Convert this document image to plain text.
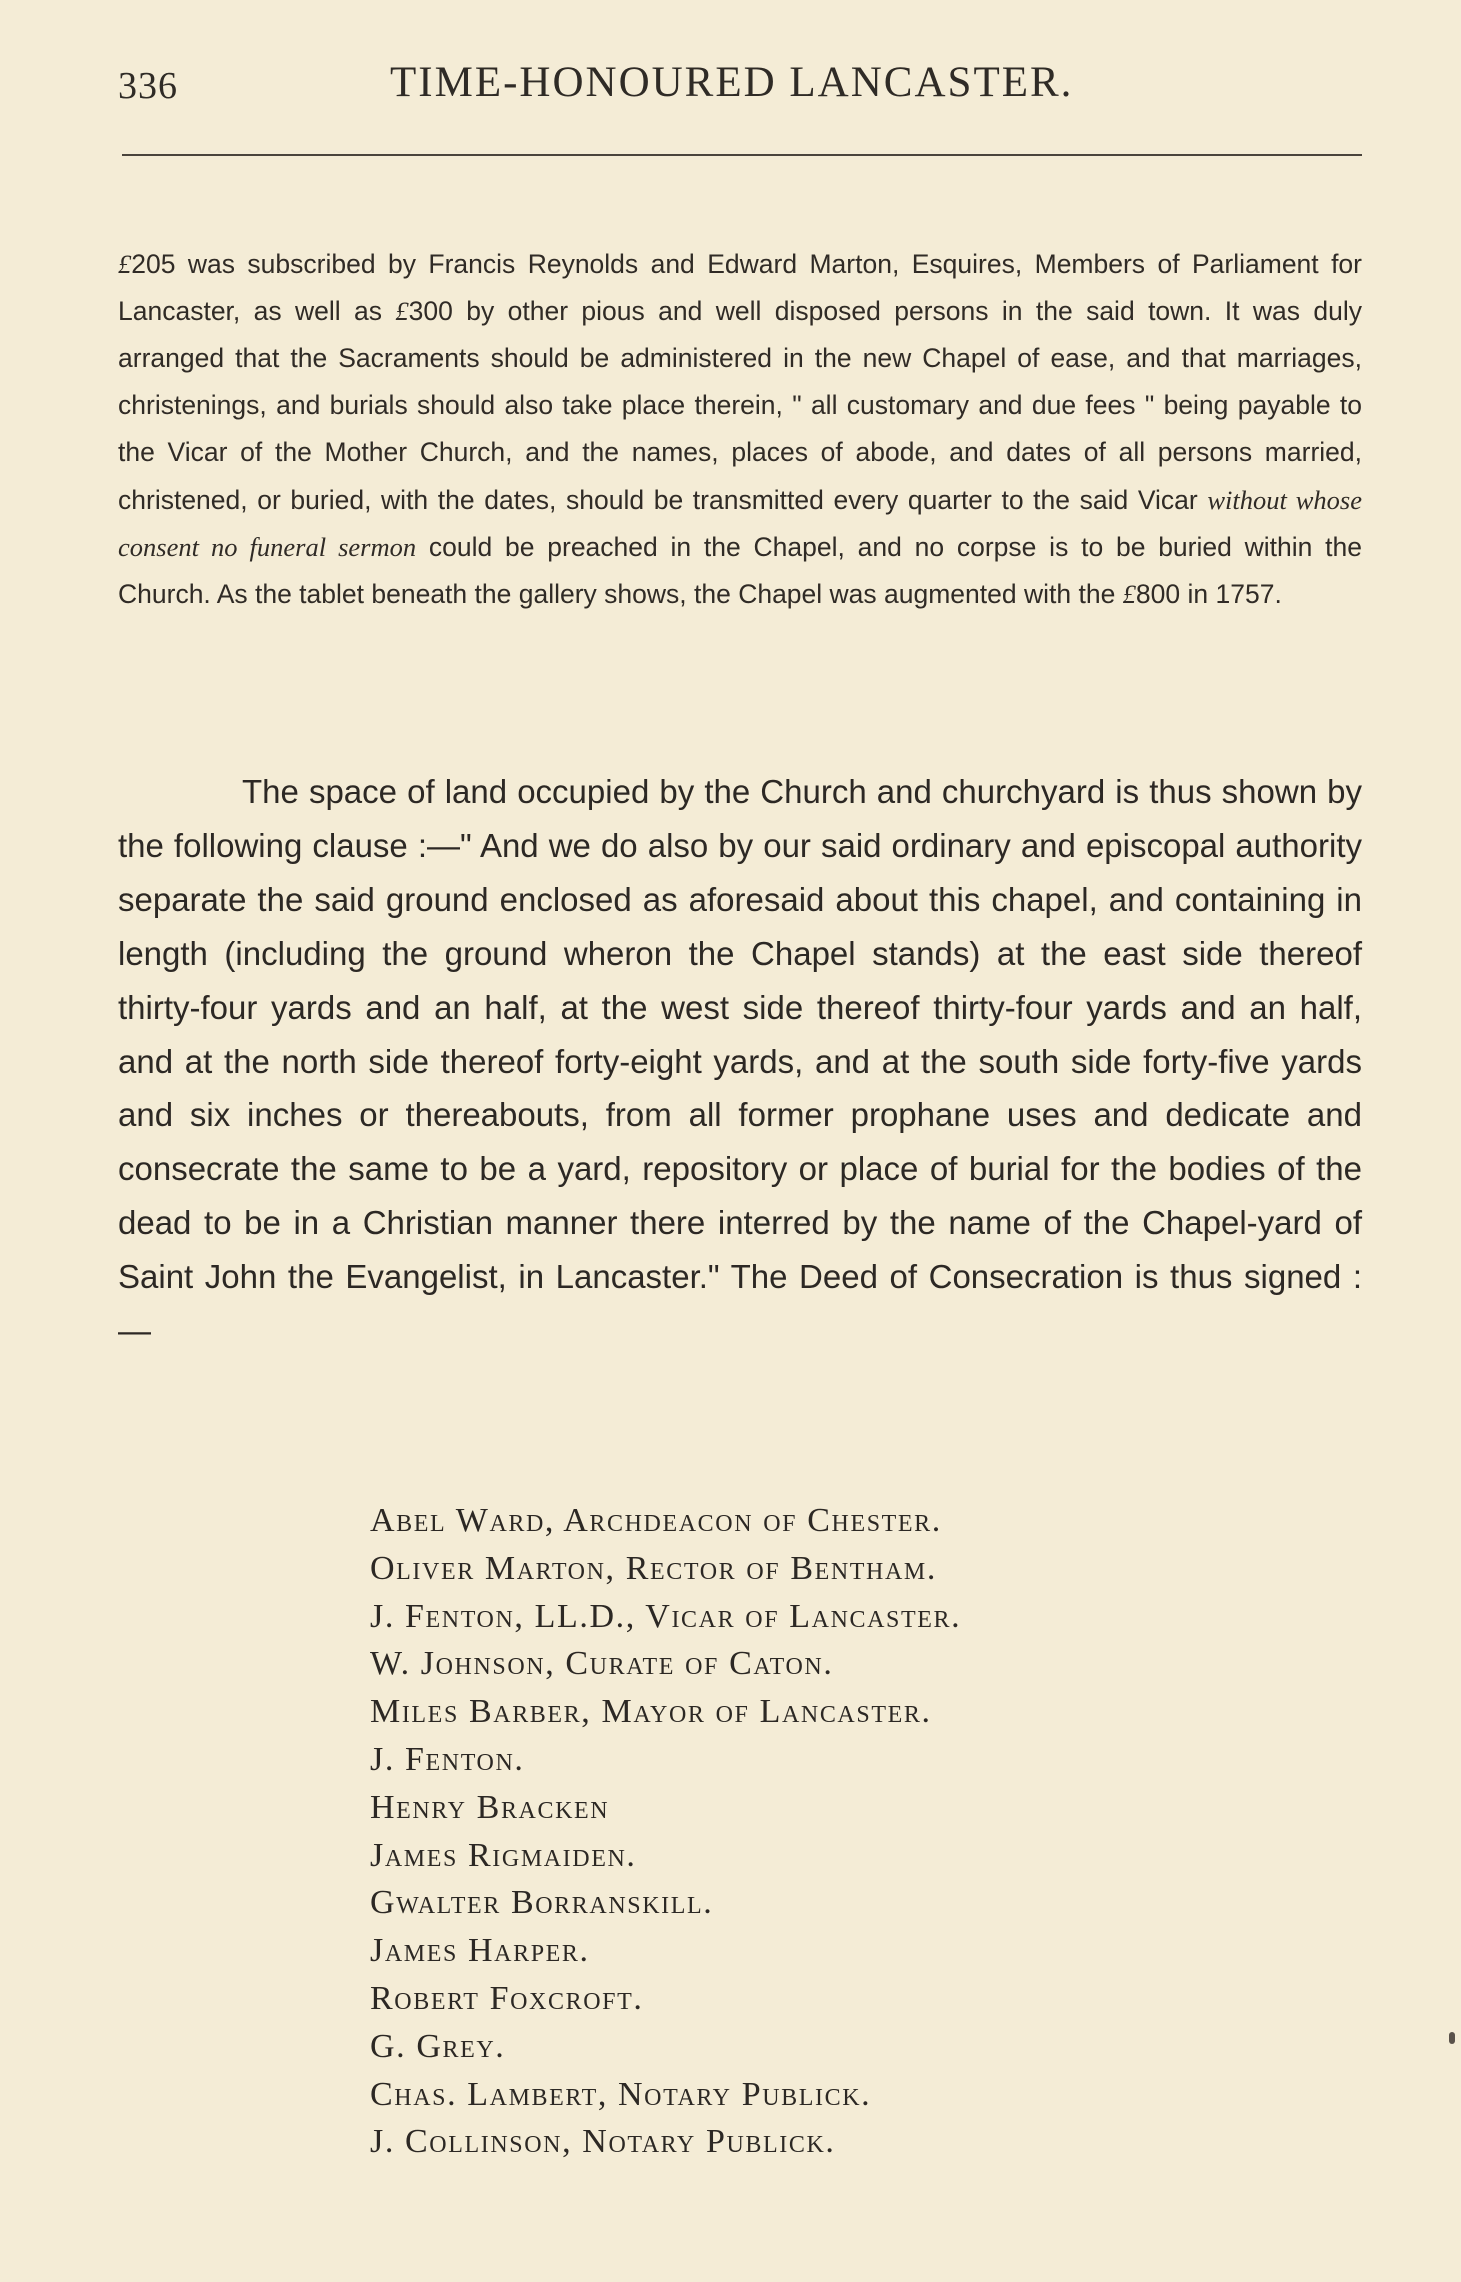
336	TIME-HONOURED LANCASTER.

£205 was subscribed by Francis Reynolds and Edward Marton, Esquires, Members of Parliament for Lancaster, as well as £300 by other pious and well disposed persons in the said town. It was duly arranged that the Sacraments should be administered in the new Chapel of ease, and that marriages, christenings, and burials should also take place therein, " all customary and due fees " being payable to the Vicar of the Mother Church, and the names, places of abode, and dates of all persons married, christened, or buried, with the dates, should be transmitted every quarter to the said Vicar without whose consent no funeral sermon could be preached in the Chapel, and no corpse is to be buried within the Church. As the tablet beneath the gallery shows, the Chapel was augmented with the £800 in 1757.

The space of land occupied by the Church and churchyard is thus shown by the following clause :—" And we do also by our said ordinary and episcopal authority separate the said ground enclosed as aforesaid about this chapel, and containing in length (including the ground wheron the Chapel stands) at the east side thereof thirty-four yards and an half, at the west side thereof thirty-four yards and an half, and at the north side thereof forty-eight yards, and at the south side forty-five yards and six inches or thereabouts, from all former prophane uses and dedicate and consecrate the same to be a yard, repository or place of burial for the bodies of the dead to be in a Christian manner there interred by the name of the Chapel-yard of Saint John the Evangelist, in Lancaster." The Deed of Consecration is thus signed :—

Abel Ward, Archdeacon of Chester.
Oliver Marton, Rector of Bentham.
J. Fenton, LL.D., Vicar of Lancaster.
W. Johnson, Curate of Caton.
Miles Barber, Mayor of Lancaster.
J. Fenton.
Henry Bracken
James Rigmaiden.
Gwalter Borranskill.
James Harper.
Robert Foxcroft.
G. Grey.
Chas. Lambert, Notary Publick.
J. Collinson, Notary Publick.
